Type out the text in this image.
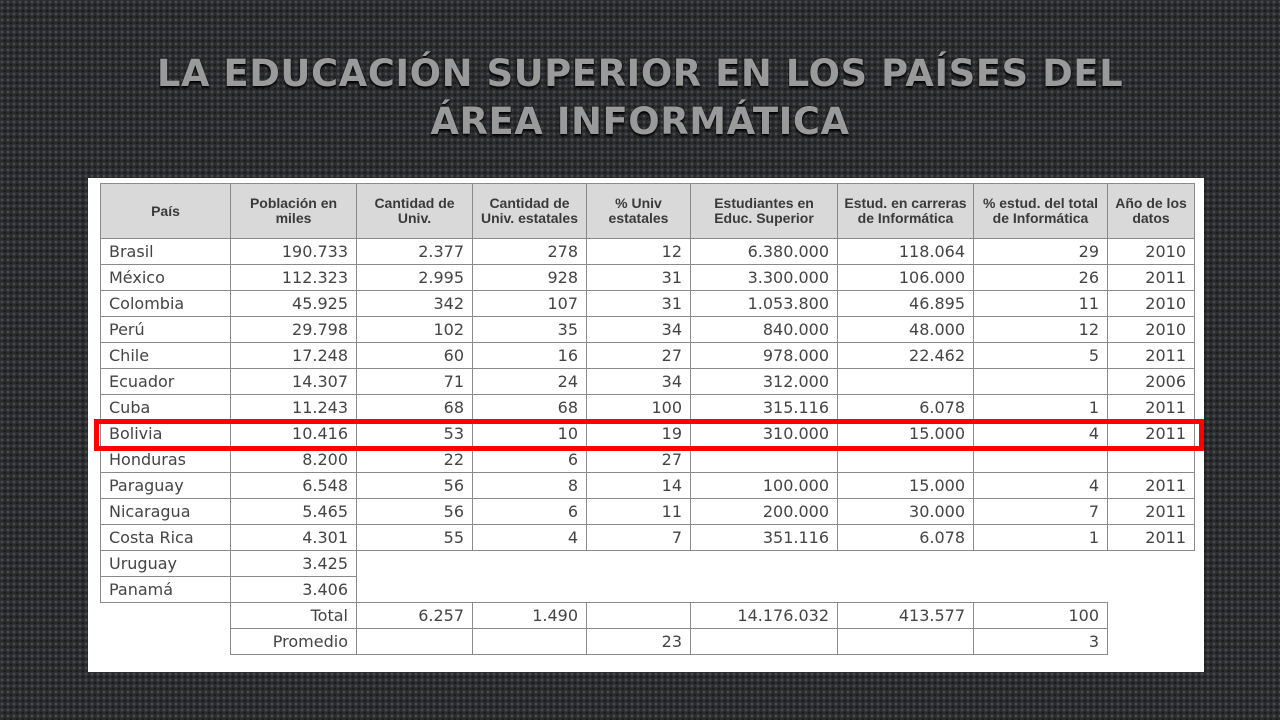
LA EDUCACIÓN SUPERIOR EN LOS PAÍSES DEL
ÁREA INFORMÁTICA
País	Población en miles	Cantidad de Univ.	Cantidad de Univ. estatales	% Univ estatales	Estudiantes en Educ. Superior	Estud. en carreras de Informática	% estud. del total de Informática	Año de los datos
Brasil	190.733	2.377	278	12	6.380.000	118.064	29	2010
México	112.323	2.995	928	31	3.300.000	106.000	26	2011
Colombia	45.925	342	107	31	1.053.800	46.895	11	2010
Perú	29.798	102	35	34	840.000	48.000	12	2010
Chile	17.248	60	16	27	978.000	22.462	5	2011
Ecuador	14.307	71	24	34	312.000			2006
Cuba	11.243	68	68	100	315.116	6.078	1	2011
Bolivia	10.416	53	10	19	310.000	15.000	4	2011
Honduras	8.200	22	6	27				
Paraguay	6.548	56	8	14	100.000	15.000	4	2011
Nicaragua	5.465	56	6	11	200.000	30.000	7	2011
Costa Rica	4.301	55	4	7	351.116	6.078	1	2011
Uruguay	3.425							
Panamá	3.406							
	Total	6.257	1.490		14.176.032	413.577	100	
	Promedio			23			3	
